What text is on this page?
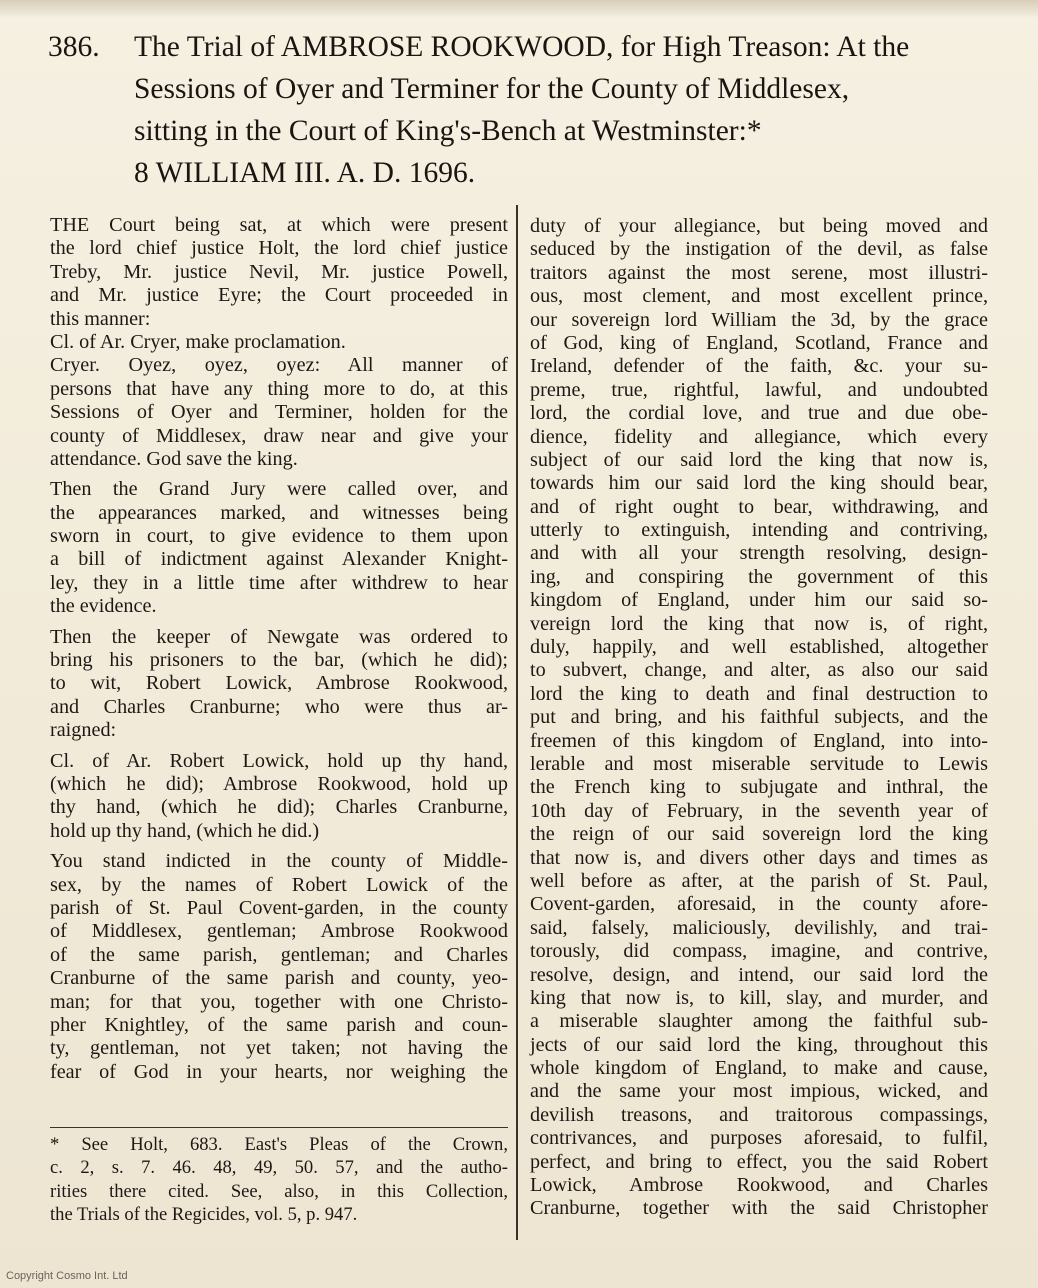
386. The Trial of AMBROSE ROOKWOOD, for High Treason: At the
Sessions of Oyer and Terminer for the County of Middlesex,
sitting in the Court of King's-Bench at Westminster:*
8 WILLIAM III. A. D. 1696.
THE Court being sat, at which were present
the lord chief justice Holt, the lord chief justice
Treby, Mr. justice Nevil, Mr. justice Powell,
and Mr. justice Eyre; the Court proceeded in
this manner:
Cl. of Ar. Cryer, make proclamation.
Cryer. Oyez, oyez, oyez: All manner of
persons that have any thing more to do, at this
Sessions of Oyer and Terminer, holden for the
county of Middlesex, draw near and give your
attendance. God save the king.
Then the Grand Jury were called over, and
the appearances marked, and witnesses being
sworn in court, to give evidence to them upon
a bill of indictment against Alexander Knight-
ley, they in a little time after withdrew to hear
the evidence.
Then the keeper of Newgate was ordered to
bring his prisoners to the bar, (which he did);
to wit, Robert Lowick, Ambrose Rookwood,
and Charles Cranburne; who were thus ar-
raigned:
Cl. of Ar. Robert Lowick, hold up thy hand,
(which he did); Ambrose Rookwood, hold up
thy hand, (which he did); Charles Cranburne,
hold up thy hand, (which he did.)
You stand indicted in the county of Middle-
sex, by the names of Robert Lowick of the
parish of St. Paul Covent-garden, in the county
of Middlesex, gentleman; Ambrose Rookwood
of the same parish, gentleman; and Charles
Cranburne of the same parish and county, yeo-
man; for that you, together with one Christo-
pher Knightley, of the same parish and coun-
ty, gentleman, not yet taken; not having the
fear of God in your hearts, nor weighing the
* See Holt, 683. East's Pleas of the Crown,
c. 2, s. 7. 46. 48, 49, 50. 57, and the autho-
rities there cited. See, also, in this Collection,
the Trials of the Regicides, vol. 5, p. 947.
duty of your allegiance, but being moved and
seduced by the instigation of the devil, as false
traitors against the most serene, most illustri-
ous, most clement, and most excellent prince,
our sovereign lord William the 3d, by the grace
of God, king of England, Scotland, France and
Ireland, defender of the faith, &c. your su-
preme, true, rightful, lawful, and undoubted
lord, the cordial love, and true and due obe-
dience, fidelity and allegiance, which every
subject of our said lord the king that now is,
towards him our said lord the king should bear,
and of right ought to bear, withdrawing, and
utterly to extinguish, intending and contriving,
and with all your strength resolving, design-
ing, and conspiring the government of this
kingdom of England, under him our said so-
vereign lord the king that now is, of right,
duly, happily, and well established, altogether
to subvert, change, and alter, as also our said
lord the king to death and final destruction to
put and bring, and his faithful subjects, and the
freemen of this kingdom of England, into into-
lerable and most miserable servitude to Lewis
the French king to subjugate and inthral, the
10th day of February, in the seventh year of
the reign of our said sovereign lord the king
that now is, and divers other days and times as
well before as after, at the parish of St. Paul,
Covent-garden, aforesaid, in the county afore-
said, falsely, maliciously, devilishly, and trai-
torously, did compass, imagine, and contrive,
resolve, design, and intend, our said lord the
king that now is, to kill, slay, and murder, and
a miserable slaughter among the faithful sub-
jects of our said lord the king, throughout this
whole kingdom of England, to make and cause,
and the same your most impious, wicked, and
devilish treasons, and traitorous compassings,
contrivances, and purposes aforesaid, to fulfil,
perfect, and bring to effect, you the said Robert
Lowick, Ambrose Rookwood, and Charles
Cranburne, together with the said Christopher
Copyright Cosmo Int. Ltd
